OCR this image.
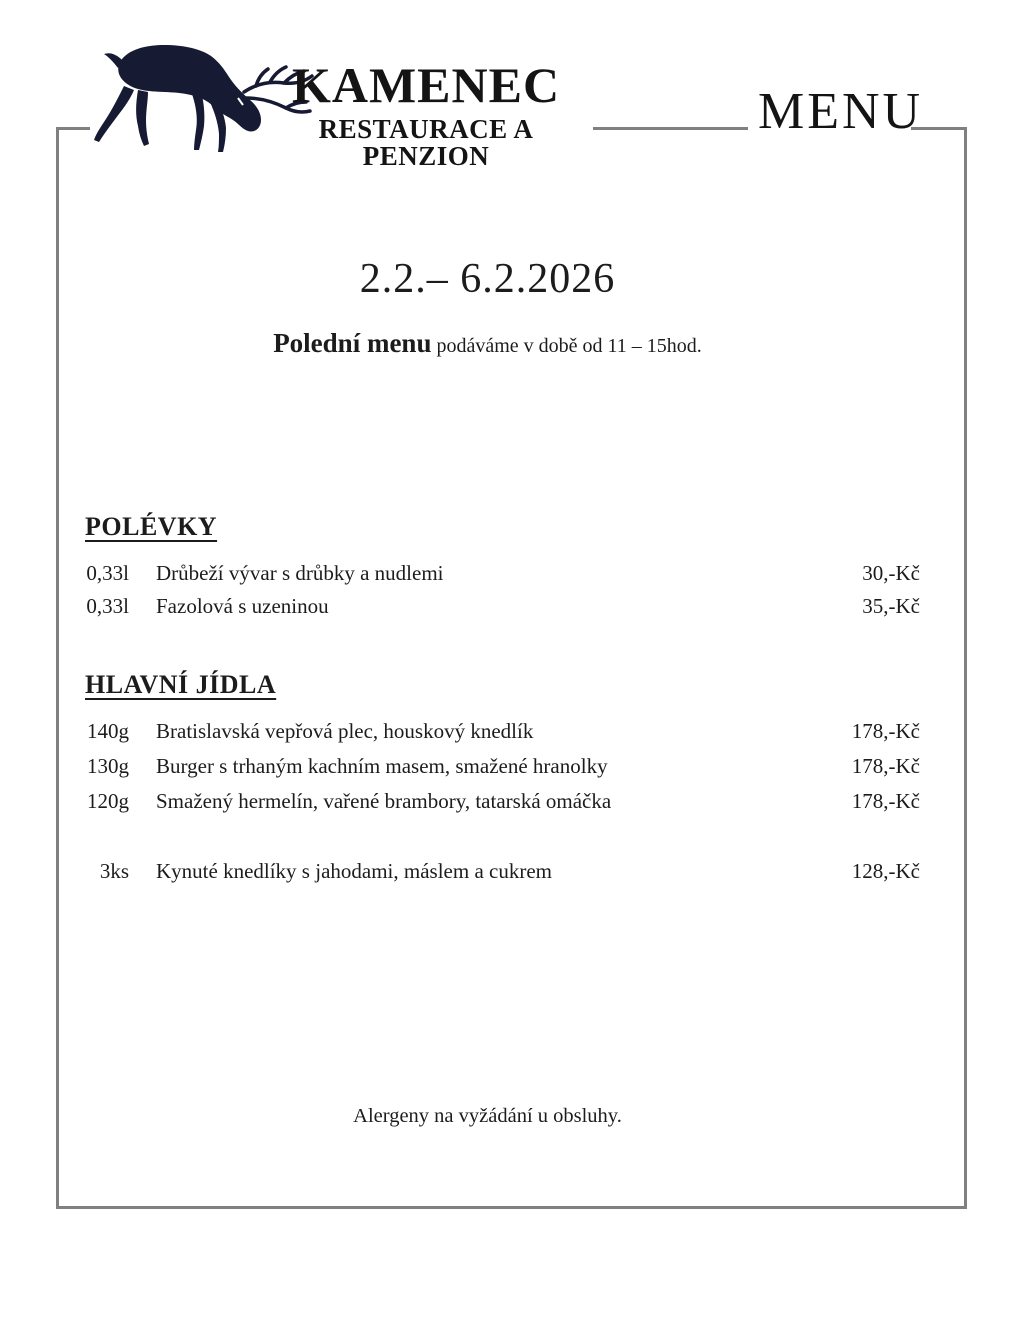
KAMENEC
RESTAURACE A PENZION
MENU
2.2.– 6.2.2026
Polední menu podáváme v době od 11 – 15hod.
POLÉVKY
0,33l Drůbeží vývar s drůbky a nudlemi	30,-Kč
0,33l Fazolová s uzeninou	35,-Kč
HLAVNÍ JÍDLA
140g Bratislavská vepřová plec, houskový knedlík	178,-Kč
130g Burger s trhaným kachním masem, smažené hranolky	178,-Kč
120g Smažený hermelín, vařené brambory, tatarská omáčka	178,-Kč
3ks Kynuté knedlíky s jahodami, máslem a cukrem	128,-Kč
Alergeny na vyžádání u obsluhy.
